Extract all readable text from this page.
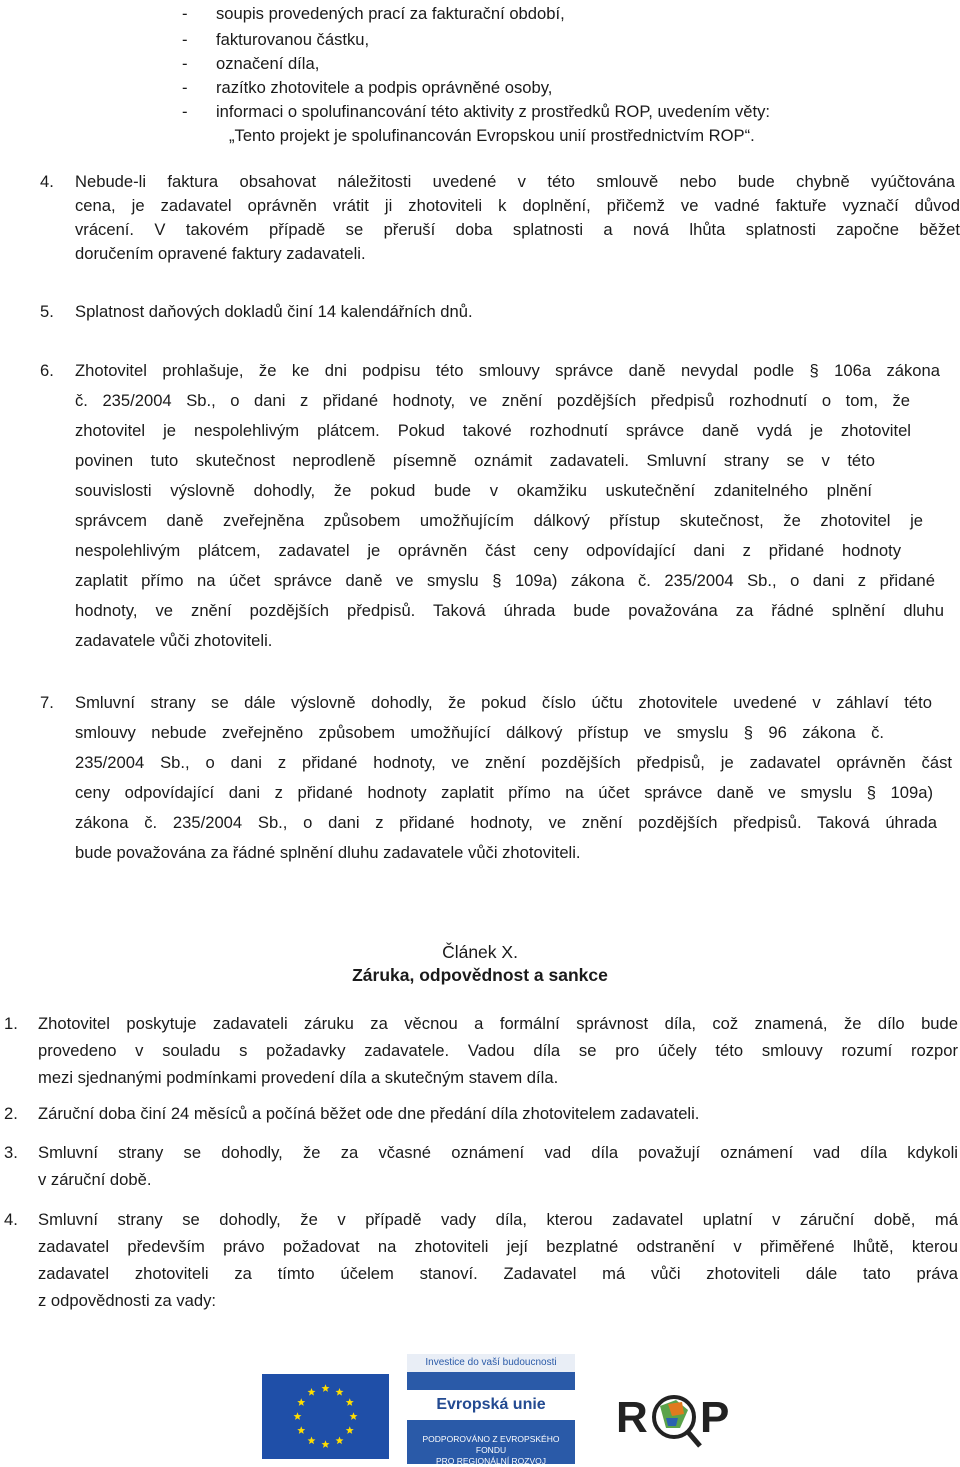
- soupis provedených prací za fakturační období,
- fakturovanou částku,
- označení díla,
- razítko zhotovitele a podpis oprávněné osoby,
- informaci o spolufinancování této aktivity z prostředků ROP, uvedením věty:
„Tento projekt je spolufinancován Evropskou unií prostřednictvím ROP“.
4. Nebude-li faktura obsahovat náležitosti uvedené v této smlouvě nebo bude chybně vyúčtována
cena, je zadavatel oprávněn vrátit ji zhotoviteli k doplnění, přičemž ve vadné faktuře vyznačí důvod
vrácení. V takovém případě se přeruší doba splatnosti a nová lhůta splatnosti započne běžet
doručením opravené faktury zadavateli.
5. Splatnost daňových dokladů činí 14 kalendářních dnů.
6. Zhotovitel prohlašuje, že ke dni podpisu této smlouvy správce daně nevydal podle § 106a zákona
č. 235/2004 Sb., o dani z přidané hodnoty, ve znění pozdějších předpisů rozhodnutí o tom, že
zhotovitel je nespolehlivým plátcem. Pokud takové rozhodnutí správce daně vydá je zhotovitel
povinen tuto skutečnost neprodleně písemně oznámit zadavateli. Smluvní strany se v této
souvislosti výslovně dohodly, že pokud bude v okamžiku uskutečnění zdanitelného plnění
správcem daně zveřejněna způsobem umožňujícím dálkový přístup skutečnost, že zhotovitel je
nespolehlivým plátcem, zadavatel je oprávněn část ceny odpovídající dani z přidané hodnoty
zaplatit přímo na účet správce daně ve smyslu § 109a) zákona č. 235/2004 Sb., o dani z přidané
hodnoty, ve znění pozdějších předpisů. Taková úhrada bude považována za řádné splnění dluhu
zadavatele vůči zhotoviteli.
7. Smluvní strany se dále výslovně dohodly, že pokud číslo účtu zhotovitele uvedené v záhlaví této
smlouvy nebude zveřejněno způsobem umožňující dálkový přístup ve smyslu § 96 zákona č.
235/2004 Sb., o dani z přidané hodnoty, ve znění pozdějších předpisů, je zadavatel oprávněn část
ceny odpovídající dani z přidané hodnoty zaplatit přímo na účet správce daně ve smyslu § 109a)
zákona č. 235/2004 Sb., o dani z přidané hodnoty, ve znění pozdějších předpisů. Taková úhrada
bude považována za řádné splnění dluhu zadavatele vůči zhotoviteli.
Článek X.
Záruka, odpovědnost a sankce
1. Zhotovitel poskytuje zadavateli záruku za věcnou a formální správnost díla, což znamená, že dílo bude
provedeno v souladu s požadavky zadavatele. Vadou díla se pro účely této smlouvy rozumí rozpor
mezi sjednanými podmínkami provedení díla a skutečným stavem díla.
2. Záruční doba činí 24 měsíců a počíná běžet ode dne předání díla zhotovitelem zadavateli.
3. Smluvní strany se dohodly, že za včasné oznámení vad díla považují oznámení vad díla kdykoli
v záruční době.
4. Smluvní strany se dohodly, že v případě vady díla, kterou zadavatel uplatní v záruční době, má
zadavatel především právo požadovat na zhotoviteli její bezplatné odstranění v přiměřené lhůtě, kterou
zadavatel zhotoviteli za tímto účelem stanoví. Zadavatel má vůči zhotoviteli dále tato práva
z odpovědnosti za vady:
Investice do vaší budoucnosti
Evropská unie
PODPOROVÁNO Z EVROPSKÉHO FONDU
PRO REGIONÁLNÍ ROZVOJ
R P
